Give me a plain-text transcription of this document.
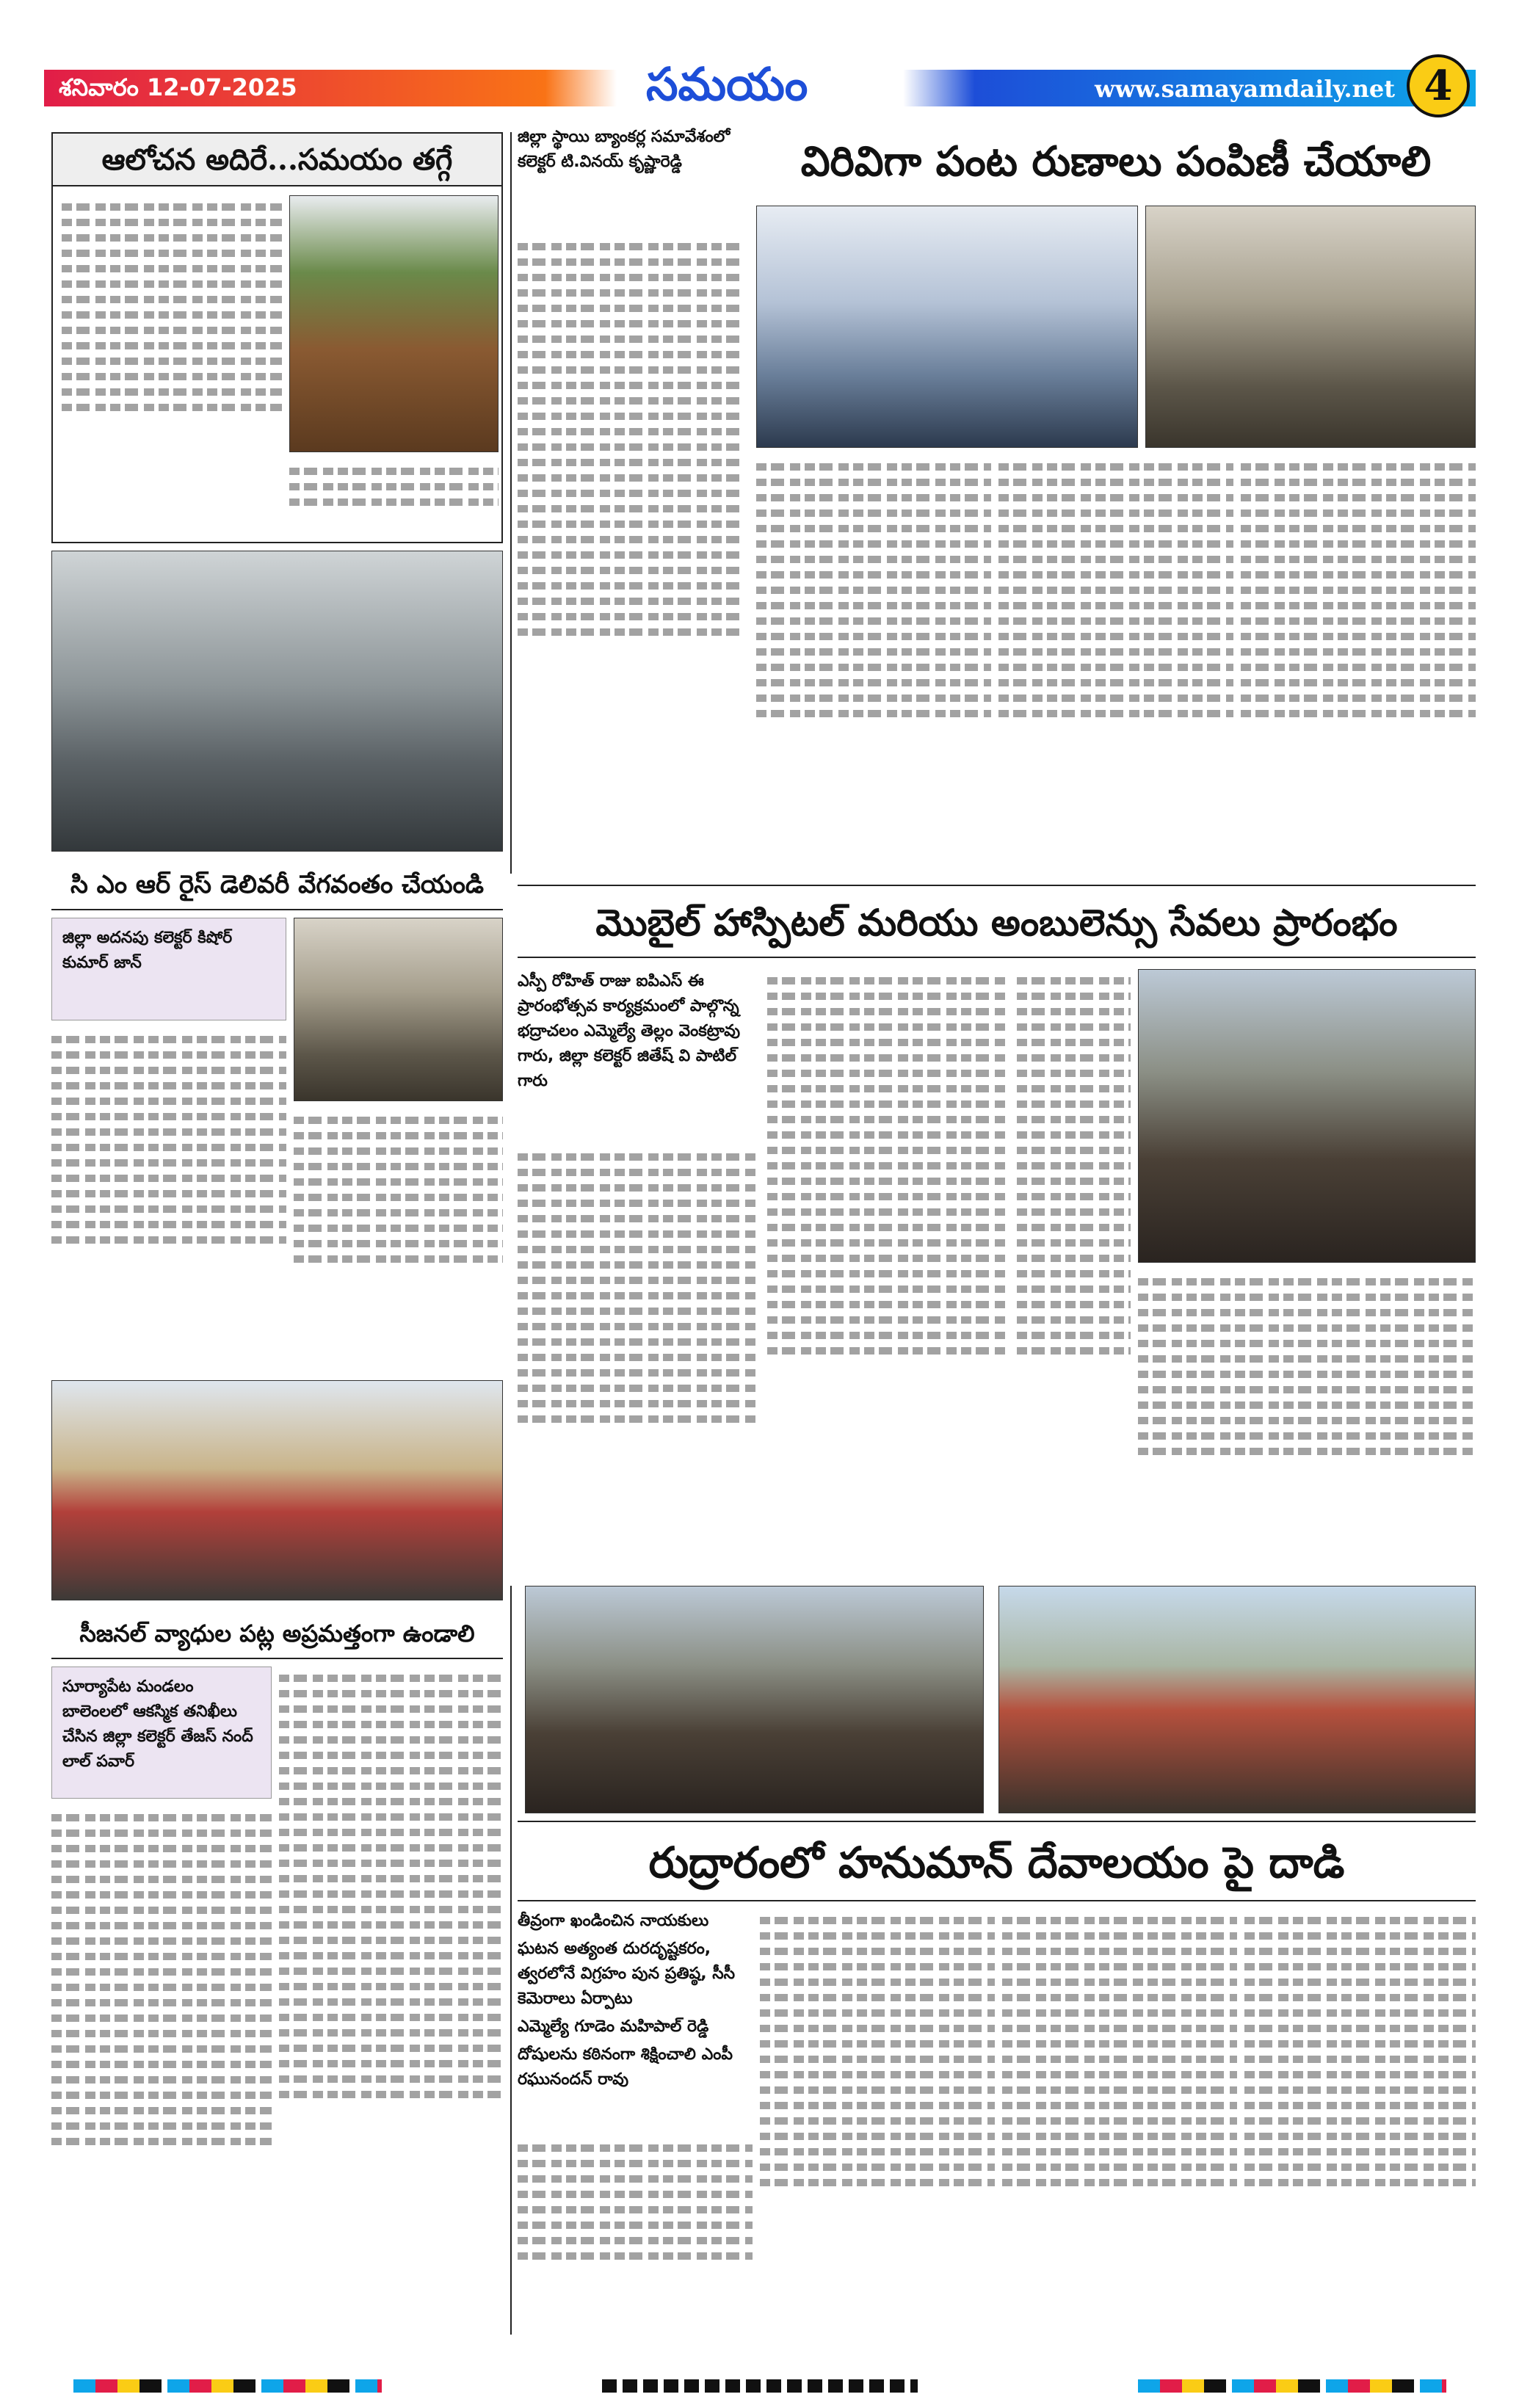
శనివారం 12-07-2025	సమయం	www.samayamdaily.net 4
ఆలోచన అదిరే...సమయం తగ్గే
జిల్లా స్థాయి బ్యాంకర్ల సమావేశంలో కలెక్టర్ టి.వినయ్ కృష్ణారెడ్డి	విరివిగా పంట రుణాలు పంపిణీ చేయాలి
సి ఎం ఆర్ రైస్ డెలివరీ వేగవంతం చేయండి
జిల్లా అదనపు కలెక్టర్ కిషోర్ కుమార్ జాన్
మొబైల్ హాస్పిటల్ మరియు అంబులెన్సు సేవలు ప్రారంభం
ఎస్పీ రోహిత్ రాజు ఐపిఎస్ ఈ ప్రారంభోత్సవ కార్యక్రమంలో పాల్గొన్న భద్రాచలం ఎమ్మెల్యే తెల్లం వెంకట్రావు గారు, జిల్లా కలెక్టర్ జితేష్ వి పాటిల్ గారు
సీజనల్ వ్యాధుల పట్ల అప్రమత్తంగా ఉండాలి
సూర్యాపేట మండలం బాలెంలలో ఆకస్మిక తనిఖీలు చేసిన జిల్లా కలెక్టర్ తేజస్ నంద్ లాల్ పవార్
రుద్రారంలో హనుమాన్ దేవాలయం పై దాడి
తీవ్రంగా ఖండించిన నాయకులు
ఘటన అత్యంత దురదృష్టకరం, త్వరలోనే విగ్రహం పున ప్రతిష్ఠ, సీసీ కెమెరాలు ఏర్పాటు
ఎమ్మెల్యే గూడెం మహిపాల్ రెడ్డి
దోషులను కఠినంగా శిక్షించాలి ఎంపీ రఘునందన్ రావు
